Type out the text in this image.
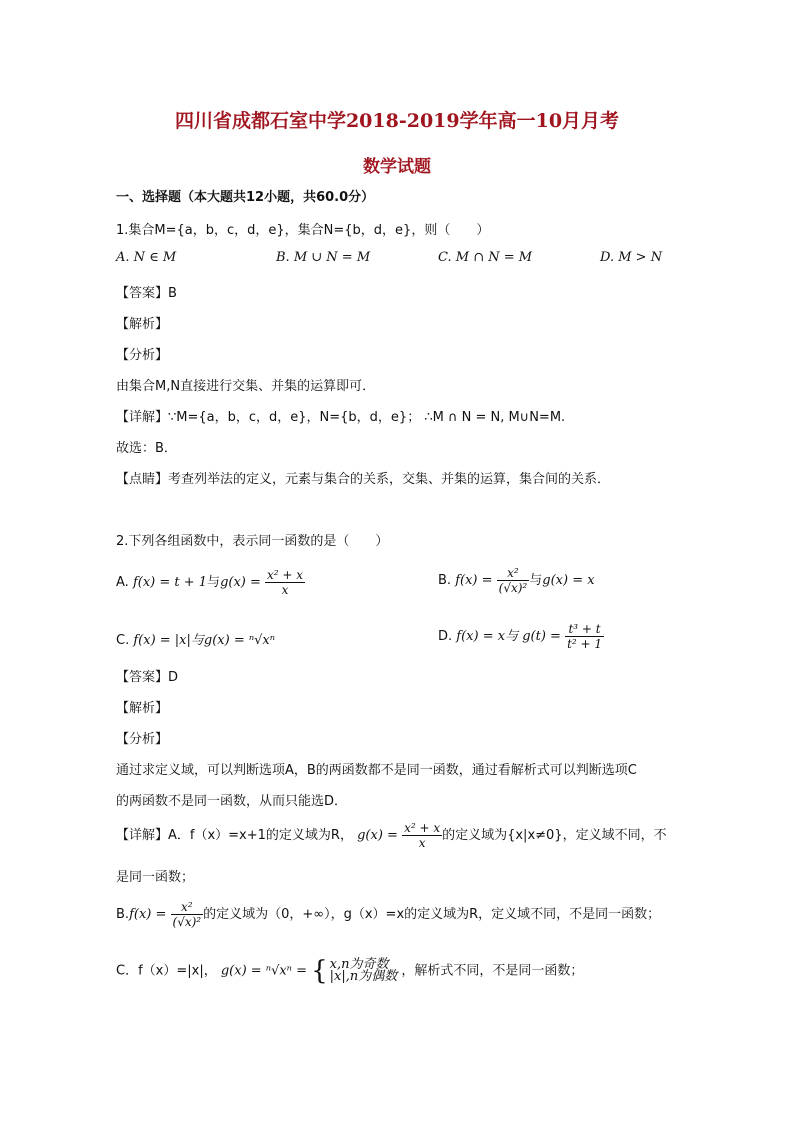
四川省成都石室中学2018-2019学年高一10月月考
数学试题
一、选择题（本大题共12小题，共60.0分）
1.集合M={a，b，c，d，e}，集合N={b，d，e}，则（　　）
A. N ∈ M	B. M ∪ N = M	C. M ∩ N = M	D. M > N
【答案】B
【解析】
【分析】
由集合M,N直接进行交集、并集的运算即可．
【详解】∵M={a，b，c，d，e}，N={b，d，e}； ∴M ∩ N = N, M∪N=M.
故选：B．
【点睛】考查列举法的定义，元素与集合的关系，交集、并集的运算，集合间的关系．
2.下列各组函数中，表示同一函数的是（　　）
A. f(x) = t + 1与$g(x) = \frac{\text{x² + x}}{x}$	B. $f(x) = \frac{\text{x²}}{\text{(√x)²}}$ 与g(x) = x
C. f(x) = |x|与g(x) = ⁿ√xⁿ	D. f(x) = x与 $g(t) = \frac{\text{t³ + t}}{\text{t² + 1}}$
【答案】D
【解析】
【分析】
通过求定义域，可以判断选项A，B的两函数都不是同一函数，通过看解析式可以判断选项C
的两函数不是同一函数，从而只能选D．
【详解】A．f（x）=x+1的定义域为R， $g(x) = \frac{\text{x² + x}}{x}$ 的定义域为{x|x≠0}，定义域不同，不
是同一函数；
$B.f(x) = \frac{\text{x²}}{\text{(√x)²}}$ 的定义域为（0，+∞），g（x）=x的定义域为R，定义域不同，不是同一函数；
C．f（x）=|x|， g(x) = ⁿ√xⁿ = { x,n为奇数
|x|,n为偶数 ，解析式不同，不是同一函数；
